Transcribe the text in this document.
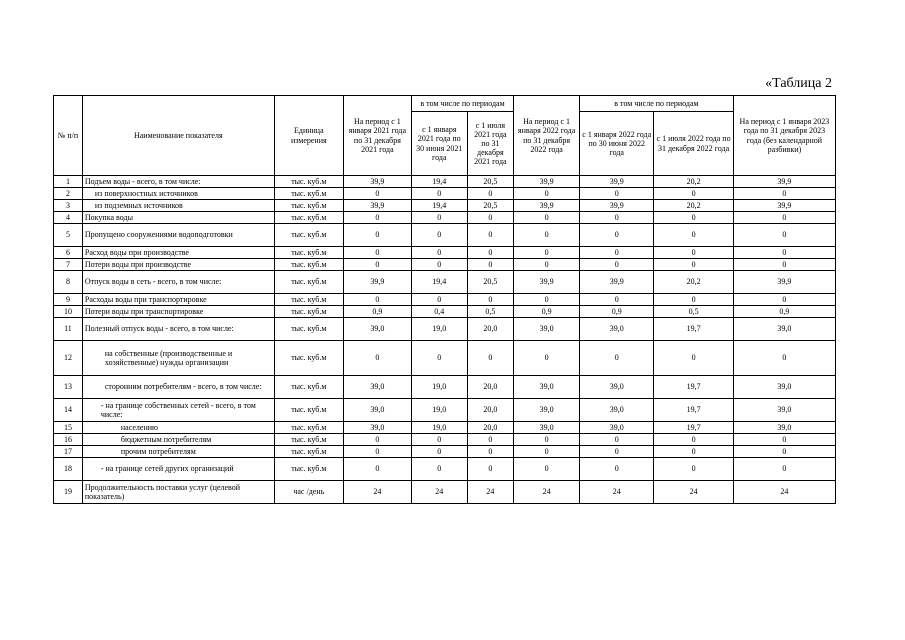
«Таблица 2
№ п/п	Наименование показателя	Единица измерения	На период с 1 января 2021 года по 31 декабря 2021 года	в том числе по периодам		На период с 1 января 2022 года по 31 декабря 2022 года	в том числе по периодам		На период с 1 января 2023 года по 31 декабря 2023 года (без календарной разбивки)
				с 1 января 2021 года по 30 июня 2021 года	с 1 июля 2021 года по 31 декабря 2021 года		с 1 января 2022 года по 30 июня 2022 года	с 1 июля 2022 года по 31 декабря 2022 года	
1	Подъем воды - всего, в том числе:	тыс. куб.м	39,9	19,4	20,5	39,9	39,9	20,2	39,9
2	из поверхностных источников	тыс. куб.м	0	0	0	0	0	0	0
3	из подземных источников	тыс. куб.м	39,9	19,4	20,5	39,9	39,9	20,2	39,9
4	Покупка воды	тыс. куб.м	0	0	0	0	0	0	0
5	Пропущено сооружениями водоподготовки	тыс. куб.м	0	0	0	0	0	0	0
6	Расход воды при производстве	тыс. куб.м	0	0	0	0	0	0	0
7	Потери воды при производстве	тыс. куб.м	0	0	0	0	0	0	0
8	Отпуск воды в сеть - всего, в том числе:	тыс. куб.м	39,9	19,4	20,5	39,9	39,9	20,2	39,9
9	Расходы воды при транспортировке	тыс. куб.м	0	0	0	0	0	0	0
10	Потери воды при транспортировке	тыс. куб.м	0,9	0,4	0,5	0,9	0,9	0,5	0,9
11	Полезный отпуск воды - всего, в том числе:	тыс. куб.м	39,0	19,0	20,0	39,0	39,0	19,7	39,0
12	на собственные (производственные и хозяйственные) нужды организации	тыс. куб.м	0	0	0	0	0	0	0
13	сторонним потребителям - всего, в том числе:	тыс. куб.м	39,0	19,0	20,0	39,0	39,0	19,7	39,0
14	- на границе собственных сетей - всего, в том числе:	тыс. куб.м	39,0	19,0	20,0	39,0	39,0	19,7	39,0
15	населению	тыс. куб.м	39,0	19,0	20,0	39,0	39,0	19,7	39,0
16	бюджетным потребителям	тыс. куб.м	0	0	0	0	0	0	0
17	прочим потребителям	тыс. куб.м	0	0	0	0	0	0	0
18	- на границе сетей других организаций	тыс. куб.м	0	0	0	0	0	0	0
19	Продолжительность поставки услуг (целевой показатель)	час /день	24	24	24	24	24	24	24
